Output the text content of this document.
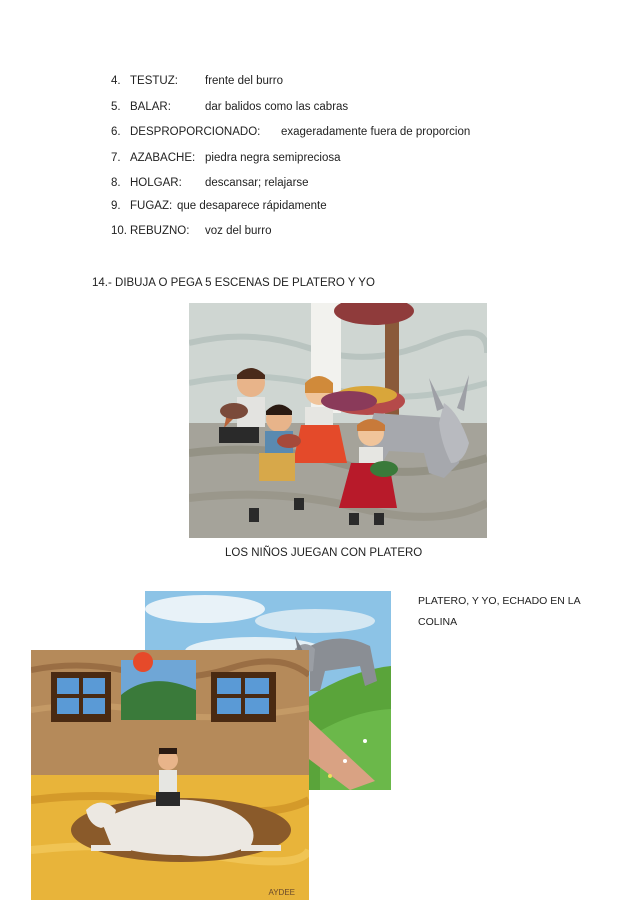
4. TESTUZ: frente del burro
5. BALAR:	dar balidos como las cabras
6. DESPROPORCIONADO: exageradamente fuera de proporcion
7. AZABACHE: piedra negra semipreciosa
8. HOLGAR: descansar; relajarse
9. FUGAZ: que desaparece rápidamente
10. REBUZNO: voz del burro
14.- DIBUJA O PEGA 5 ESCENAS DE PLATERO Y YO
LOS NIÑOS JUEGAN CON PLATERO
PLATERO, Y YO, ECHADO EN LA COLINA
AYDEE
